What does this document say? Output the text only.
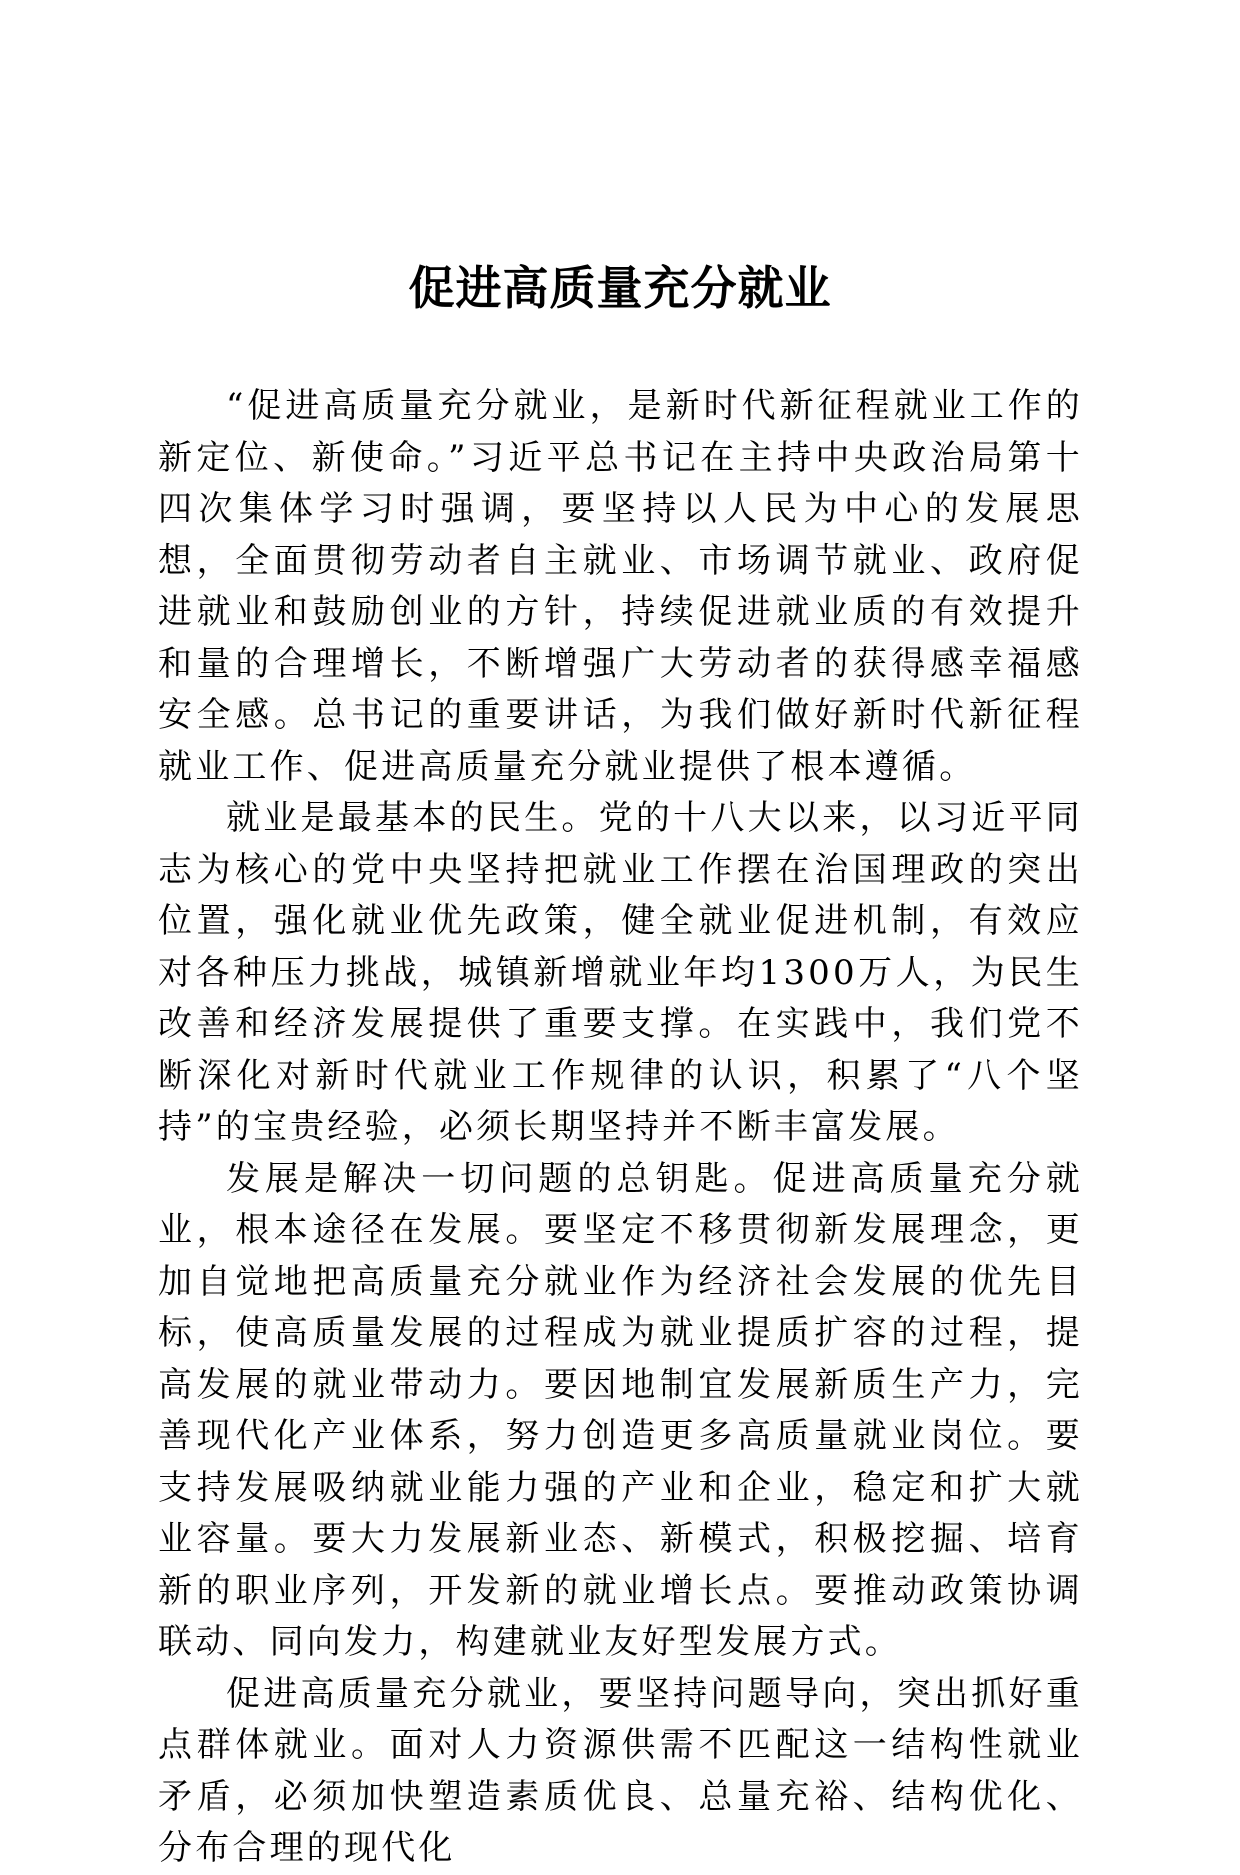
促进高质量充分就业

“促进高质量充分就业，是新时代新征程就业工作的新定位、新使命。”习近平总书记在主持中央政治局第十四次集体学习时强调，要坚持以人民为中心的发展思想，全面贯彻劳动者自主就业、市场调节就业、政府促进就业和鼓励创业的方针，持续促进就业质的有效提升和量的合理增长，不断增强广大劳动者的获得感幸福感安全感。总书记的重要讲话，为我们做好新时代新征程就业工作、促进高质量充分就业提供了根本遵循。

就业是最基本的民生。党的十八大以来，以习近平同志为核心的党中央坚持把就业工作摆在治国理政的突出位置，强化就业优先政策，健全就业促进机制，有效应对各种压力挑战，城镇新增就业年均1300万人，为民生改善和经济发展提供了重要支撑。在实践中，我们党不断深化对新时代就业工作规律的认识，积累了“八个坚持”的宝贵经验，必须长期坚持并不断丰富发展。

发展是解决一切问题的总钥匙。促进高质量充分就业，根本途径在发展。要坚定不移贯彻新发展理念，更加自觉地把高质量充分就业作为经济社会发展的优先目标，使高质量发展的过程成为就业提质扩容的过程，提高发展的就业带动力。要因地制宜发展新质生产力，完善现代化产业体系，努力创造更多高质量就业岗位。要支持发展吸纳就业能力强的产业和企业，稳定和扩大就业容量。要大力发展新业态、新模式，积极挖掘、培育新的职业序列，开发新的就业增长点。要推动政策协调联动、同向发力，构建就业友好型发展方式。

促进高质量充分就业，要坚持问题导向，突出抓好重点群体就业。面对人力资源供需不匹配这一结构性就业矛盾，必须加快塑造素质优良、总量充裕、结构优化、分布合理的现代化
